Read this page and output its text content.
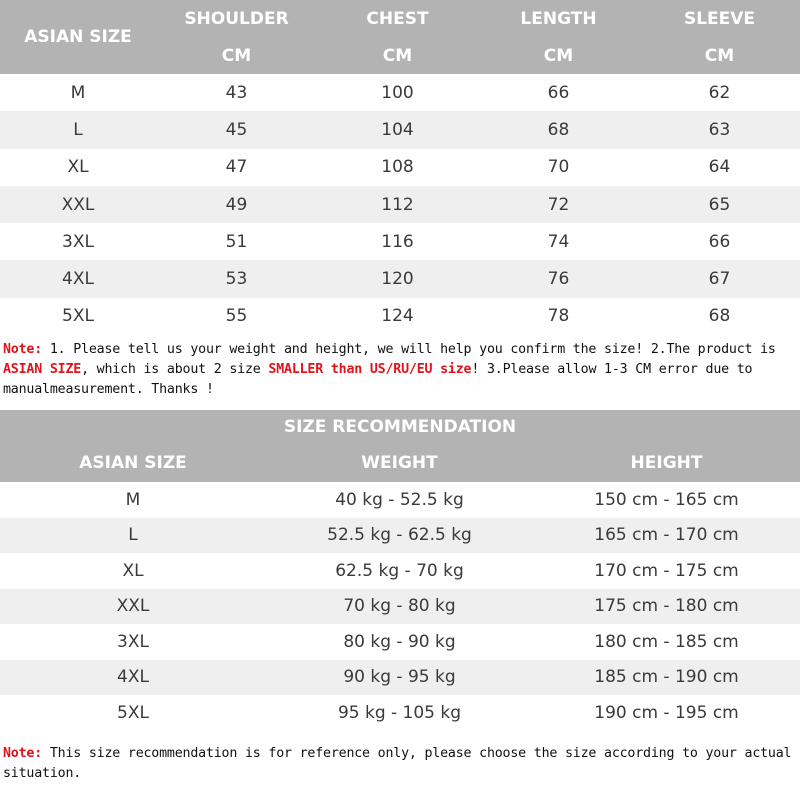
ASIAN SIZE	SHOULDER	CHEST	LENGTH	SLEEVE
	CM	CM	CM	CM
M	43	100	66	62
L	45	104	68	63
XL	47	108	70	64
XXL	49	112	72	65
3XL	51	116	74	66
4XL	53	120	76	67
5XL	55	124	78	68
Note: 1. Please tell us your weight and height, we will help you confirm the size! 2.The product is ASIAN SIZE, which is about 2 size SMALLER than US/RU/EU size! 3.Please allow 1-3 CM error due to manualmeasurement. Thanks !
SIZE RECOMMENDATION		
ASIAN SIZE	WEIGHT	HEIGHT
M	40 kg - 52.5 kg	150 cm - 165 cm
L	52.5 kg - 62.5 kg	165 cm - 170 cm
XL	62.5 kg - 70 kg	170 cm - 175 cm
XXL	70 kg - 80 kg	175 cm - 180 cm
3XL	80 kg - 90 kg	180 cm - 185 cm
4XL	90 kg - 95 kg	185 cm - 190 cm
5XL	95 kg - 105 kg	190 cm - 195 cm
Note: This size recommendation is for reference only, please choose the size according to your actual situation.
